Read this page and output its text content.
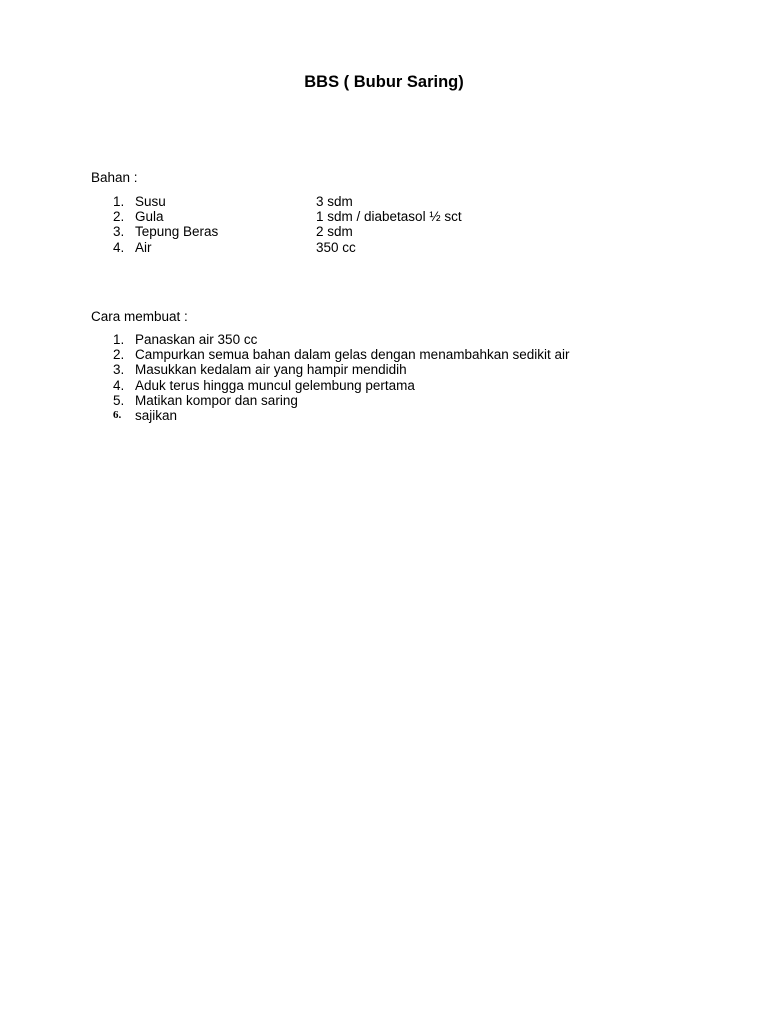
BBS ( Bubur Saring)
Bahan :
1. Susu	3 sdm
2. Gula	1 sdm / diabetasol ½ sct
3. Tepung Beras	2 sdm
4. Air	350 cc
Cara membuat :
1. Panaskan air 350 cc
2. Campurkan semua bahan dalam gelas dengan menambahkan sedikit air
3. Masukkan kedalam air yang hampir mendidih
4. Aduk terus hingga muncul gelembung pertama
5. Matikan kompor dan saring
6.	sajikan
